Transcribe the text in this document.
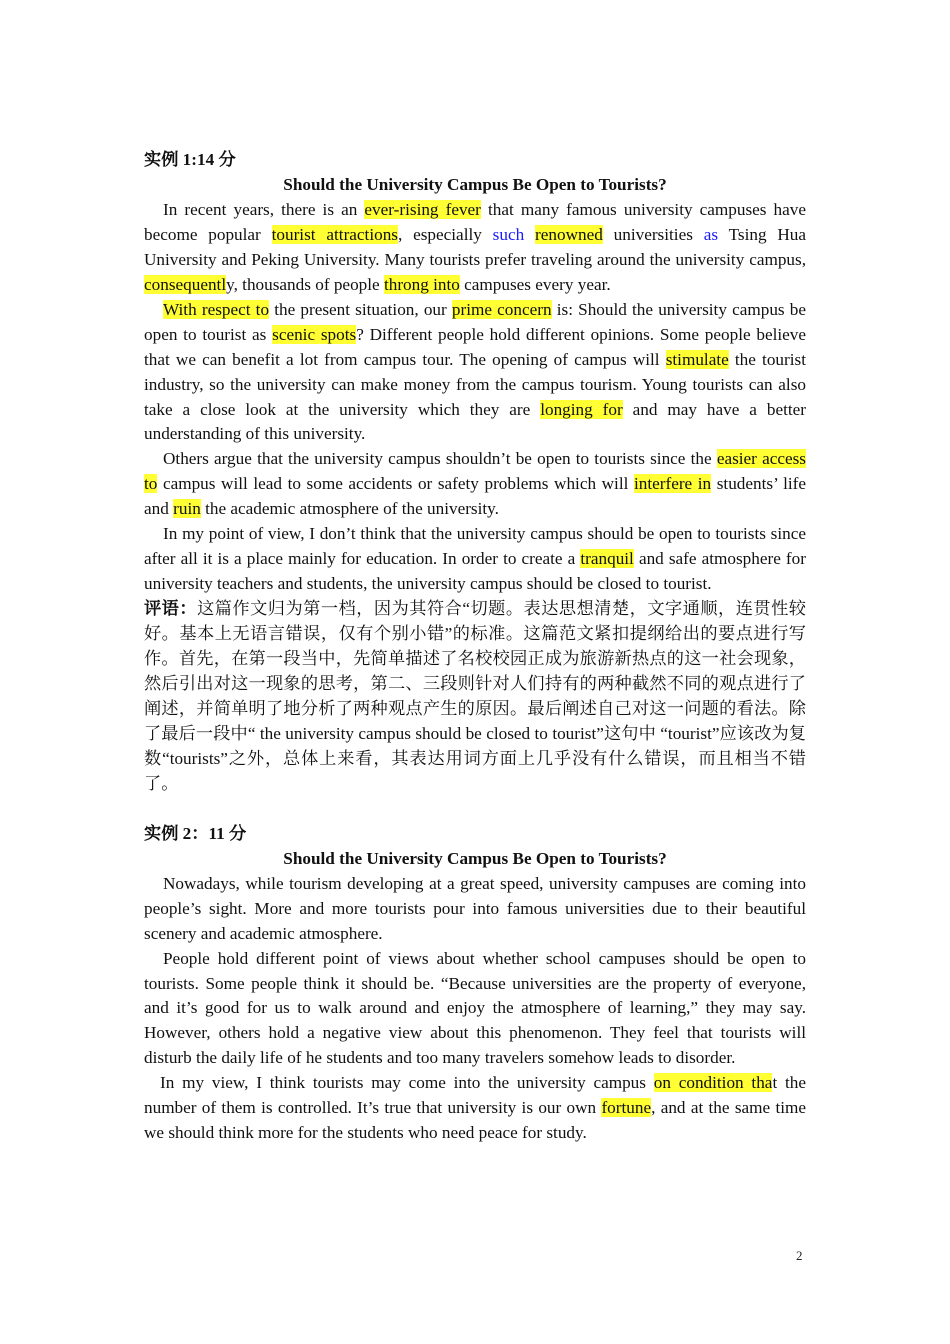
实例 1:14 分

Should the University Campus Be Open to Tourists?

In recent years, there is an ever-rising fever that many famous university campuses have become popular tourist attractions, especially such renowned universities as Tsing Hua University and Peking University. Many tourists prefer traveling around the university campus, consequently, thousands of people throng into campuses every year.

With respect to the present situation, our prime concern is: Should the university campus be open to tourist as scenic spots? Different people hold different opinions. Some people believe that we can benefit a lot from campus tour. The opening of campus will stimulate the tourist industry, so the university can make money from the campus tourism. Young tourists can also take a close look at the university which they are longing for and may have a better understanding of this university.

Others argue that the university campus shouldn’t be open to tourists since the easier access to campus will lead to some accidents or safety problems which will interfere in students’ life and ruin the academic atmosphere of the university.

In my point of view, I don’t think that the university campus should be open to tourists since after all it is a place mainly for education. In order to create a tranquil and safe atmosphere for university teachers and students, the university campus should be closed to tourist.

评语：这篇作文归为第一档，因为其符合“切题。表达思想清楚，文字通顺，连贯性较好。基本上无语言错误，仅有个别小错”的标准。这篇范文紧扣提纲给出的要点进行写作。首先，在第一段当中，先简单描述了名校校园正成为旅游新热点的这一社会现象，然后引出对这一现象的思考，第二、三段则针对人们持有的两种截然不同的观点进行了阐述，并简单明了地分析了两种观点产生的原因。最后阐述自己对这一问题的看法。除了最后一段中“ the university campus should be closed to tourist”这句中 “tourist”应该改为复数“tourists”之外，总体上来看，其表达用词方面上几乎没有什么错误，而且相当不错了。

实例 2：11 分

Should the University Campus Be Open to Tourists?

Nowadays, while tourism developing at a great speed, university campuses are coming into people’s sight. More and more tourists pour into famous universities due to their beautiful scenery and academic atmosphere.

People hold different point of views about whether school campuses should be open to tourists. Some people think it should be. “Because universities are the property of everyone, and it’s good for us to walk around and enjoy the atmosphere of learning,” they may say. However, others hold a negative view about this phenomenon. They feel that tourists will disturb the daily life of he students and too many travelers somehow leads to disorder.

In my view, I think tourists may come into the university campus on condition that the number of them is controlled. It’s true that university is our own fortune, and at the same time we should think more for the students who need peace for study.

2
